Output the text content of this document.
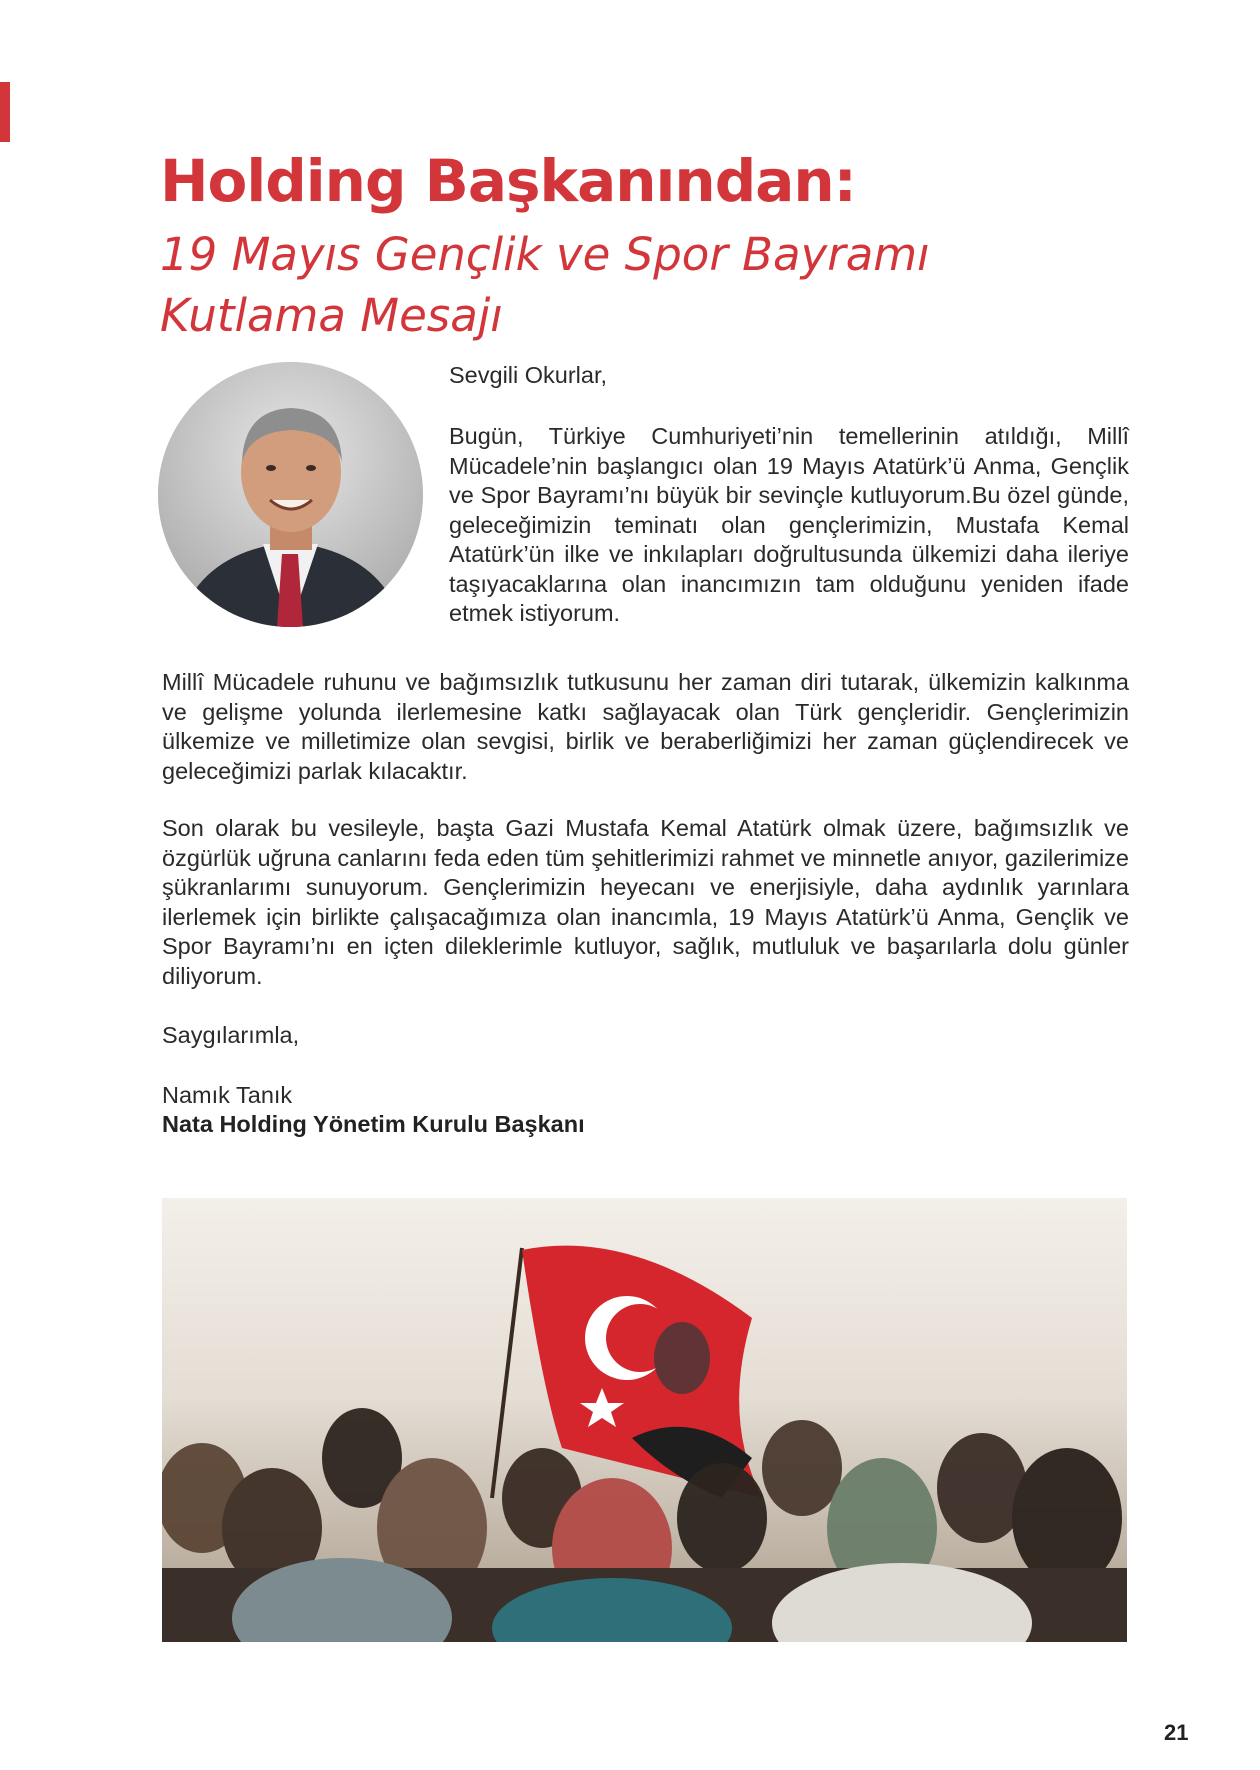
Holding Başkanından:
19 Mayıs Gençlik ve Spor Bayramı
Kutlama Mesajı

Sevgili Okurlar,

Bugün, Türkiye Cumhuriyeti’nin temellerinin atıldığı, Millî Mücadele’nin başlangıcı olan 19 Mayıs Atatürk’ü Anma, Gençlik ve Spor Bayramı’nı büyük bir sevinçle kutluyorum.Bu özel günde, geleceğimizin teminatı olan gençlerimizin, Mustafa Kemal Atatürk’ün ilke ve inkılapları doğrultusunda ülkemizi daha ileriye taşıyacaklarına olan inancımızın tam olduğunu yeniden ifade etmek istiyorum.

Millî Mücadele ruhunu ve bağımsızlık tutkusunu her zaman diri tutarak, ülkemizin kalkınma ve gelişme yolunda ilerlemesine katkı sağlayacak olan Türk gençleridir. Gençlerimizin ülkemize ve milletimize olan sevgisi, birlik ve beraberliğimizi her zaman güçlendirecek ve geleceğimizi parlak kılacaktır.

Son olarak bu vesileyle, başta Gazi Mustafa Kemal Atatürk olmak üzere, bağımsızlık ve özgürlük uğruna canlarını feda eden tüm şehitlerimizi rahmet ve minnetle anıyor, gazilerimize şükranlarımı sunuyorum. Gençlerimizin heyecanı ve enerjisiyle, daha aydınlık yarınlara ilerlemek için birlikte çalışacağımıza olan inancımla, 19 Mayıs Atatürk’ü Anma, Gençlik ve Spor Bayramı’nı en içten dileklerimle kutluyor, sağlık, mutluluk ve başarılarla dolu günler diliyorum.

Saygılarımla,

Namık Tanık

Nata Holding Yönetim Kurulu Başkanı

21
